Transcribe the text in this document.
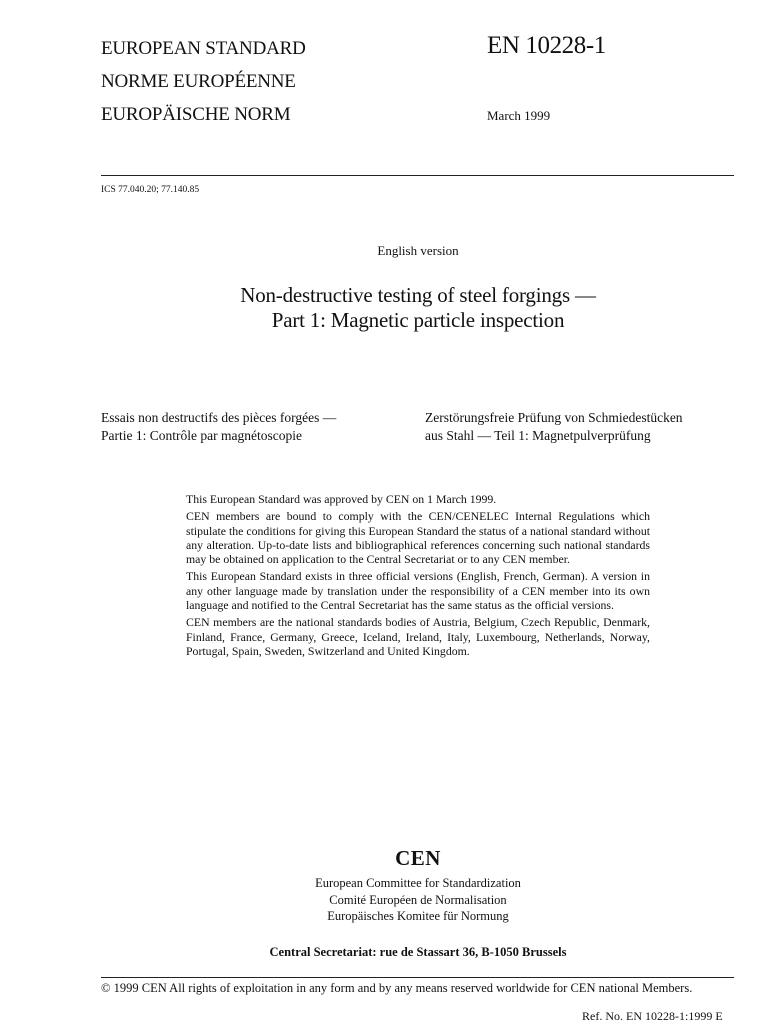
EUROPEAN STANDARD
NORME EUROPÉENNE
EUROPÄISCHE NORM
EN 10228-1
March 1999
ICS 77.040.20; 77.140.85
English version
Non-destructive testing of steel forgings —
Part 1: Magnetic particle inspection
Essais non destructifs des pièces forgées —
Partie 1: Contrôle par magnétoscopie
Zerstörungsfreie Prüfung von Schmiedestücken
aus Stahl — Teil 1: Magnetpulverprüfung

This European Standard was approved by CEN on 1 March 1999.

CEN members are bound to comply with the CEN/CENELEC Internal Regulations which stipulate the conditions for giving this European Standard the status of a national standard without any alteration. Up-to-date lists and bibliographical references concerning such national standards may be obtained on application to the Central Secretariat or to any CEN member.

This European Standard exists in three official versions (English, French, German). A version in any other language made by translation under the responsibility of a CEN member into its own language and notified to the Central Secretariat has the same status as the official versions.

CEN members are the national standards bodies of Austria, Belgium, Czech Republic, Denmark, Finland, France, Germany, Greece, Iceland, Ireland, Italy, Luxembourg, Netherlands, Norway, Portugal, Spain, Sweden, Switzerland and United Kingdom.

CEN
European Committee for Standardization
Comité Européen de Normalisation
Europäisches Komitee für Normung
Central Secretariat: rue de Stassart 36, B-1050 Brussels
© 1999 CEN All rights of exploitation in any form and by any means reserved worldwide for CEN national Members.
Ref. No. EN 10228-1:1999 E
